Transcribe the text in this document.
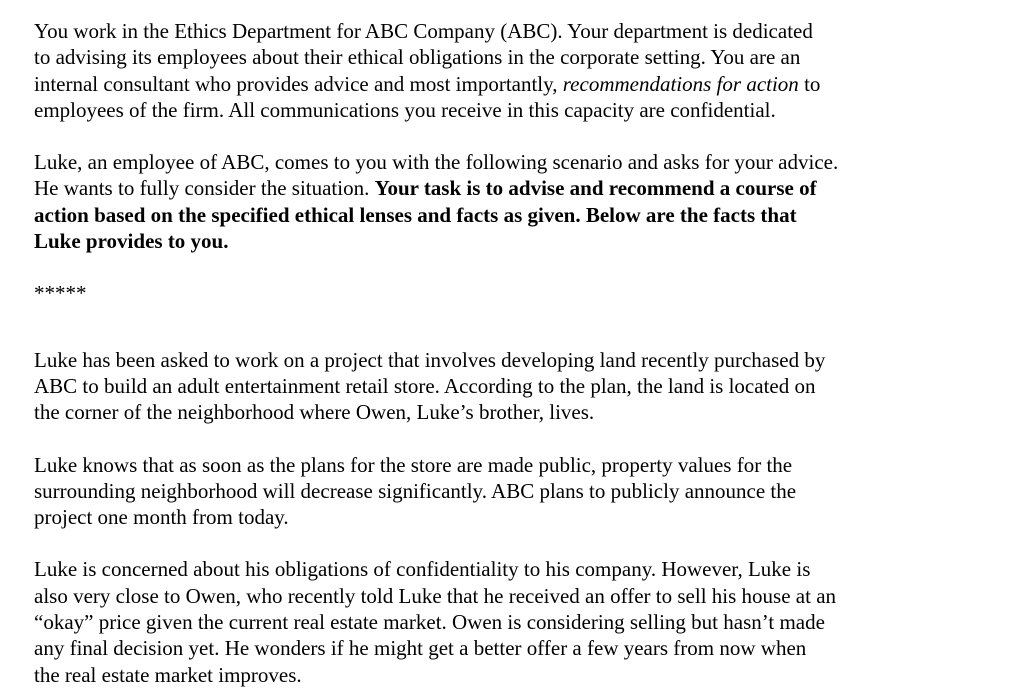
You work in the Ethics Department for ABC Company (ABC). Your department is dedicated
to advising its employees about their ethical obligations in the corporate setting. You are an
internal consultant who provides advice and most importantly, recommendations for action to
employees of the firm. All communications you receive in this capacity are confidential.

Luke, an employee of ABC, comes to you with the following scenario and asks for your advice.
He wants to fully consider the situation. Your task is to advise and recommend a course of
action based on the specified ethical lenses and facts as given. Below are the facts that
Luke provides to you.

*****

Luke has been asked to work on a project that involves developing land recently purchased by
ABC to build an adult entertainment retail store. According to the plan, the land is located on
the corner of the neighborhood where Owen, Luke’s brother, lives.

Luke knows that as soon as the plans for the store are made public, property values for the
surrounding neighborhood will decrease significantly. ABC plans to publicly announce the
project one month from today.

Luke is concerned about his obligations of confidentiality to his company. However, Luke is
also very close to Owen, who recently told Luke that he received an offer to sell his house at an
“okay” price given the current real estate market. Owen is considering selling but hasn’t made
any final decision yet. He wonders if he might get a better offer a few years from now when
the real estate market improves.
